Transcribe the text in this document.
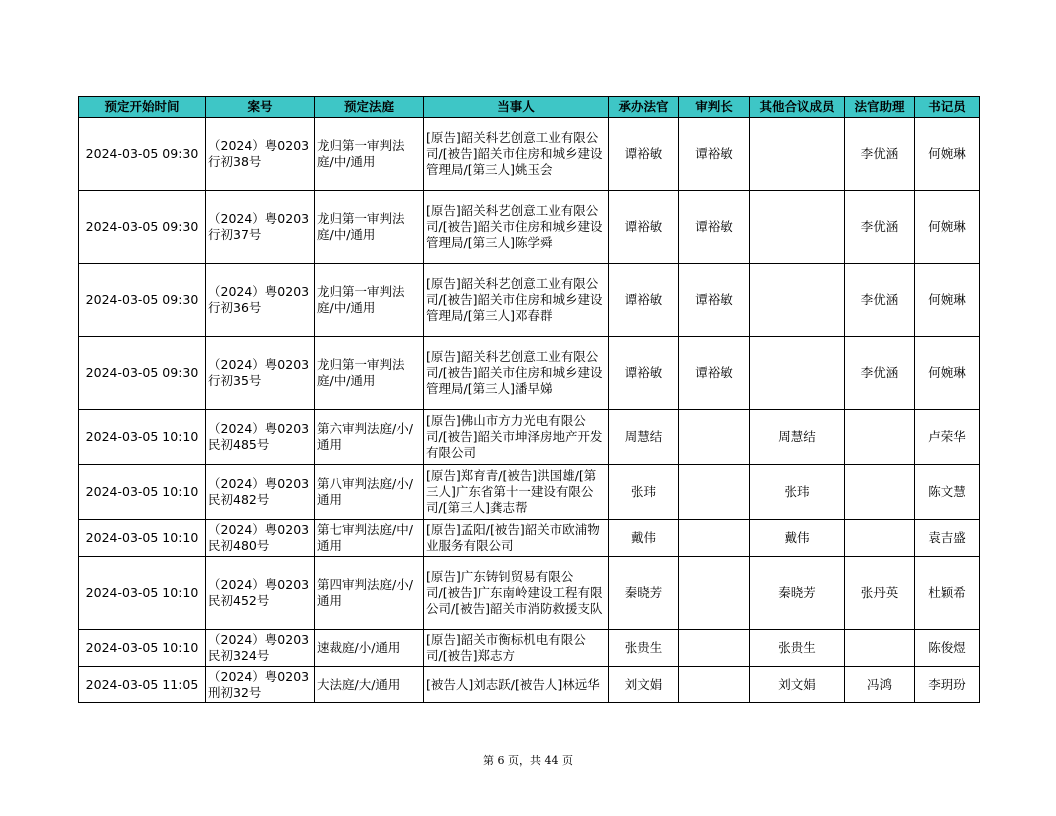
预定开始时间	案号	预定法庭	当事人	承办法官	审判长	其他合议成员	法官助理	书记员
2024-03-05 09:30	（2024）粤0203行初38号	龙归第一审判法庭/中/通用	[原告]韶关科艺创意工业有限公司/[被告]韶关市住房和城乡建设管理局/[第三人]姚玉会	谭裕敏	谭裕敏		李优涵	何婉琳
2024-03-05 09:30	（2024）粤0203行初37号	龙归第一审判法庭/中/通用	[原告]韶关科艺创意工业有限公司/[被告]韶关市住房和城乡建设管理局/[第三人]陈学舜	谭裕敏	谭裕敏		李优涵	何婉琳
2024-03-05 09:30	（2024）粤0203行初36号	龙归第一审判法庭/中/通用	[原告]韶关科艺创意工业有限公司/[被告]韶关市住房和城乡建设管理局/[第三人]邓春群	谭裕敏	谭裕敏		李优涵	何婉琳
2024-03-05 09:30	（2024）粤0203行初35号	龙归第一审判法庭/中/通用	[原告]韶关科艺创意工业有限公司/[被告]韶关市住房和城乡建设管理局/[第三人]潘早娣	谭裕敏	谭裕敏		李优涵	何婉琳
2024-03-05 10:10	（2024）粤0203民初485号	第六审判法庭/小/通用	[原告]佛山市方力光电有限公司/[被告]韶关市坤泽房地产开发有限公司	周慧结		周慧结		卢荣华
2024-03-05 10:10	（2024）粤0203民初482号	第八审判法庭/小/通用	[原告]郑育青/[被告]洪国雄/[第三人]广东省第十一建设有限公司/[第三人]龚志帮	张玮		张玮		陈文慧
2024-03-05 10:10	（2024）粤0203民初480号	第七审判法庭/中/通用	[原告]孟阳/[被告]韶关市欧浦物业服务有限公司	戴伟		戴伟		袁吉盛
2024-03-05 10:10	（2024）粤0203民初452号	第四审判法庭/小/通用	[原告]广东铸钊贸易有限公司/[被告]广东南岭建设工程有限公司/[被告]韶关市消防救援支队	秦晓芳		秦晓芳	张丹英	杜颖希
2024-03-05 10:10	（2024）粤0203民初324号	速裁庭/小/通用	[原告]韶关市衡标机电有限公司/[被告]郑志方	张贵生		张贵生		陈俊煜
2024-03-05 11:05	（2024）粤0203刑初32号	大法庭/大/通用	[被告人]刘志跃/[被告人]林远华	刘文娟		刘文娟	冯鸿	李玥玢
第 6 页，共 44 页
